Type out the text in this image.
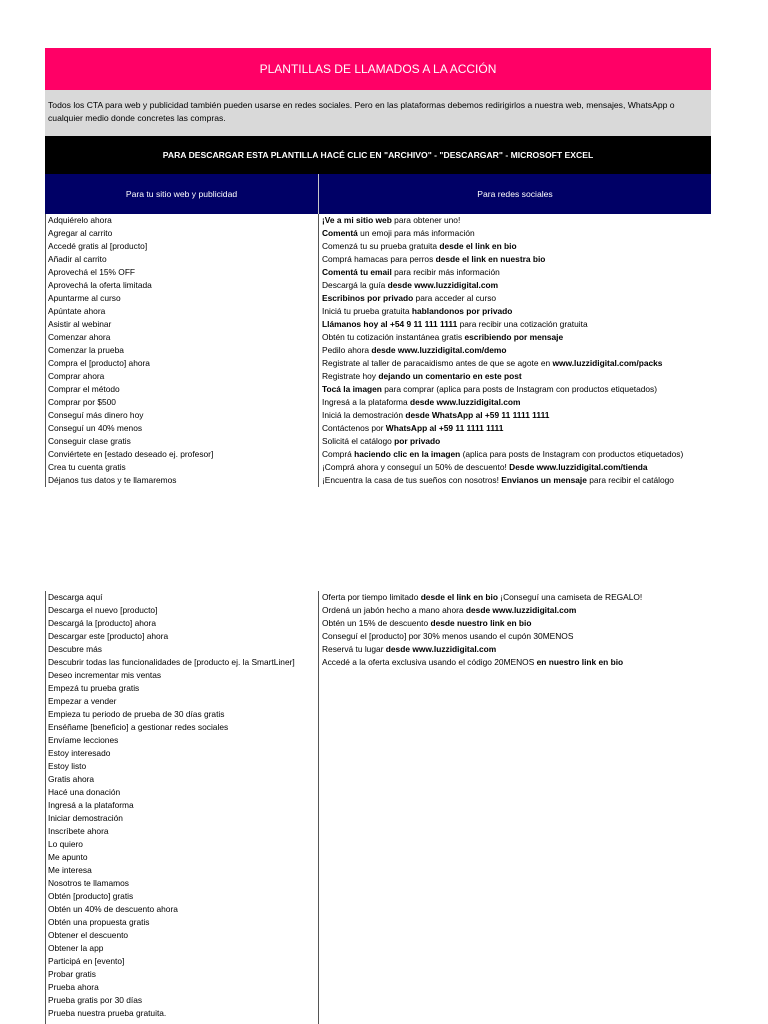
PLANTILLAS DE LLAMADOS A LA ACCIÓN
Todos los CTA para web y publicidad también pueden usarse en redes sociales. Pero en las plataformas debemos redirigirlos a nuestra web, mensajes, WhatsApp o cualquier medio donde concretes las compras.
PARA DESCARGAR ESTA PLANTILLA HACÉ CLIC EN "ARCHIVO" - "DESCARGAR" - MICROSOFT EXCEL
Para tu sitio web y publicidad	Para redes sociales
Adquiérelo ahora
Agregar al carrito
Accedé gratis al [producto]
Añadir al carrito
Aprovechá el 15% OFF
Aprovechá la oferta limitada
Apuntarme al curso
Apúntate ahora
Asistir al webinar
Comenzar ahora
Comenzar la prueba
Compra el [producto] ahora
Comprar ahora
Comprar el método
Comprar por $500
Conseguí más dinero hoy
Conseguí un 40% menos
Conseguir clase gratis
Conviértete en [estado deseado ej. profesor]
Crea tu cuenta gratis
Déjanos tus datos y te llamaremos
¡Ve a mi sitio web para obtener uno!
Comentá un emoji para más información
Comenzá tu su prueba gratuita desde el link en bio
Comprá hamacas para perros desde el link en nuestra bio
Comentá tu email para recibir más información
Descargá la guía desde www.luzzidigital.com
Escribinos por privado para acceder al curso
Iniciá tu prueba gratuita hablandonos por privado
Llámanos hoy al +54 9 11 111 1111 para recibir una cotización gratuita
Obtén tu cotización instantánea gratis escribiendo por mensaje
Pedilo ahora desde www.luzzidigital.com/demo
Registrate al taller de paracaidismo antes de que se agote en www.luzzidigital.com/packs
Registrate hoy dejando un comentario en este post
Tocá la imagen para comprar (aplica para posts de Instagram con productos etiquetados)
Ingresá a la plataforma desde www.luzzidigital.com
Iniciá la demostración desde WhatsApp al +59 11 1111 1111
Contáctenos por WhatsApp al +59 11 1111 1111
Solicitá el catálogo por privado
Comprá haciendo clic en la imagen (aplica para posts de Instagram con productos etiquetados)
¡Comprá ahora y conseguí un 50% de descuento! Desde www.luzzidigital.com/tienda
¡Encuentra la casa de tus sueños con nosotros! Envianos un mensaje para recibir el catálogo
Descarga aquí
Descarga el nuevo [producto]
Descargá la [producto] ahora
Descargar este [producto] ahora
Descubre más
Descubrir todas las funcionalidades de [producto ej. la SmartLiner]
Deseo incrementar mis ventas
Empezá tu prueba gratis
Empezar a vender
Empieza tu periodo de prueba de 30 días gratis
Enséñame [beneficio] a gestionar redes sociales
Envíame lecciones
Estoy interesado
Estoy listo
Gratis ahora
Hacé una donación
Ingresá a la plataforma
Iniciar demostración
Inscríbete ahora
Lo quiero
Me apunto
Me interesa
Nosotros te llamamos
Obtén [producto] gratis
Obtén un 40% de descuento ahora
Obtén una propuesta gratis
Obtener el descuento
Obtener la app
Participá en [evento]
Probar gratis
Prueba ahora
Prueba gratis por 30 días
Prueba nuestra prueba gratuita.
Oferta por tiempo limitado desde el link en bio ¡Conseguí una camiseta de REGALO!
Ordená un jabón hecho a mano ahora desde www.luzzidigital.com
Obtén un 15% de descuento desde nuestro link en bio
Conseguí el [producto] por 30% menos usando el cupón 30MENOS
Reservá tu lugar desde www.luzzidigital.com
Accedé a la oferta exclusiva usando el código 20MENOS en nuestro link en bio
